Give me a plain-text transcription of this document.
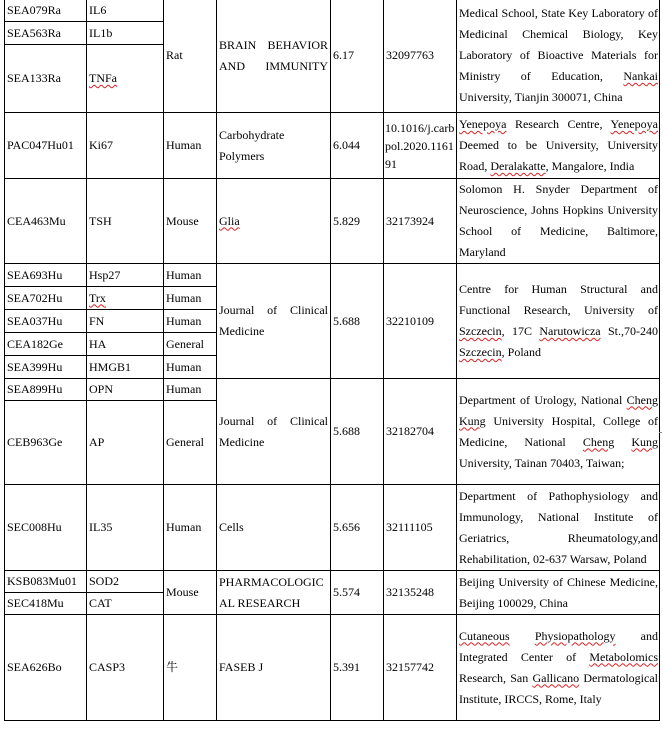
SEA079Ra	IL6	Rat	BRAIN BEHAVIOR AND IMMUNITY	6.17	32097763	Medical School, State Key Laboratory of Medicinal Chemical Biology, Key Laboratory of Bioactive Materials for Ministry of Education, Nankai University, Tianjin 300071, China
SEA563Ra	IL1b					
SEA133Ra	TNFa					
PAC047Hu01	Ki67	Human	Carbohydrate Polymers	6.044	10.1016/j.carbpol.2020.116191	Yenepoya Research Centre, Yenepoya Deemed to be University, University Road, Deralakatte, Mangalore, India
CEA463Mu	TSH	Mouse	Glia	5.829	32173924	Solomon H. Snyder Department of Neuroscience, Johns Hopkins University School of Medicine, Baltimore, Maryland
SEA693Hu	Hsp27	Human	Journal of Clinical Medicine	5.688	32210109	Centre for Human Structural and Functional Research, University of Szczecin, 17C Narutowicza St.,70-240 Szczecin, Poland
SEA702Hu	Trx	Human				
SEA037Hu	FN	Human				
CEA182Ge	HA	General				
SEA399Hu	HMGB1	Human				
SEA899Hu	OPN	Human	Journal of Clinical Medicine	5.688	32182704	Department of Urology, National Cheng Kung University Hospital, College of Medicine, National Cheng Kung University, Tainan 70403, Taiwan;
CEB963Ge	AP	General				
SEC008Hu	IL35	Human	Cells	5.656	32111105	Department of Pathophysiology and Immunology, National Institute of Geriatrics, Rheumatology,and Rehabilitation, 02-637 Warsaw, Poland
KSB083Mu01	SOD2	Mouse	PHARMACOLOGICAL RESEARCH	5.574	32135248	Beijing University of Chinese Medicine, Beijing 100029, China
SEC418Mu	CAT					
SEA626Bo	CASP3	牛	FASEB J	5.391	32157742	Cutaneous Physiopathology and Integrated Center of Metabolomics Research, San Gallicano Dermatological Institute, IRCCS, Rome, Italy
